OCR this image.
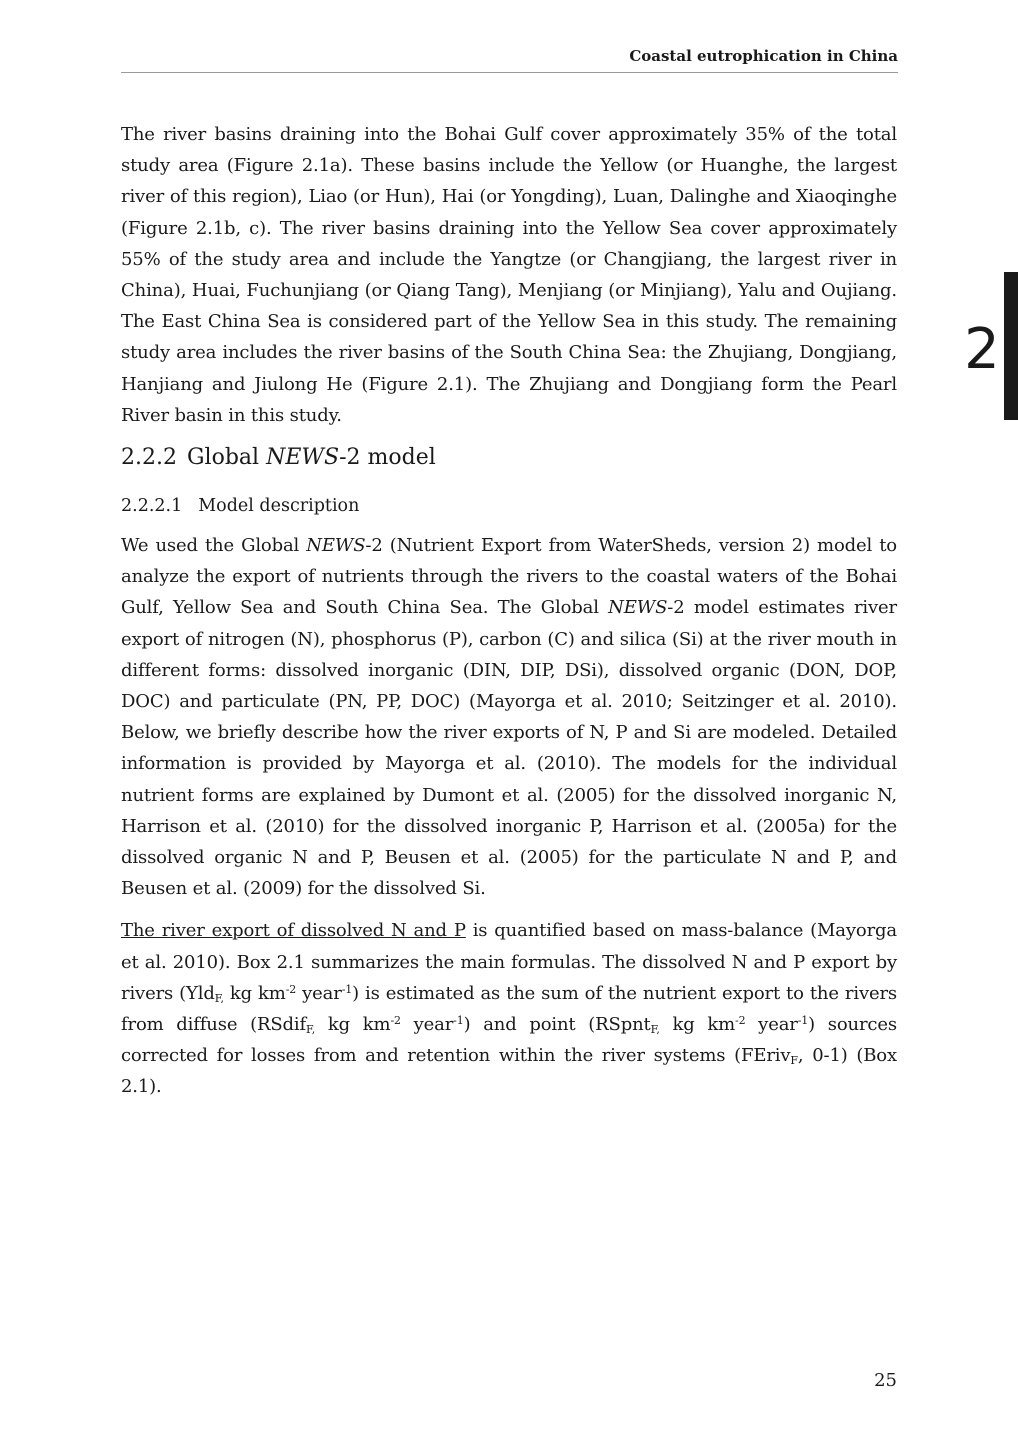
Coastal eutrophication in China
2

The river basins draining into the Bohai Gulf cover approximately 35% of the total study area (Figure 2.1a). These basins include the Yellow (or Huanghe, the largest river of this region), Liao (or Hun), Hai (or Yongding), Luan, Dalinghe and Xiaoqinghe (Figure 2.1b, c). The river basins draining into the Yellow Sea cover approximately 55% of the study area and include the Yangtze (or Changjiang, the largest river in China), Huai, Fuchunjiang (or Qiang Tang), Menjiang (or Minjiang), Yalu and Oujiang. The East China Sea is considered part of the Yellow Sea in this study. The remaining study area includes the river basins of the South China Sea: the Zhujiang, Dongjiang, Hanjiang and Jiulong He (Figure 2.1). The Zhujiang and Dongjiang form the Pearl River basin in this study.

2.2.2 Global NEWS-2 model
2.2.2.1 Model description

We used the Global NEWS-2 (Nutrient Export from WaterSheds, version 2) model to analyze the export of nutrients through the rivers to the coastal waters of the Bohai Gulf, Yellow Sea and South China Sea. The Global NEWS-2 model estimates river export of nitrogen (N), phosphorus (P), carbon (C) and silica (Si) at the river mouth in different forms: dissolved inorganic (DIN, DIP, DSi), dissolved organic (DON, DOP, DOC) and particulate (PN, PP, DOC) (Mayorga et al. 2010; Seitzinger et al. 2010). Below, we briefly describe how the river exports of N, P and Si are modeled. Detailed information is provided by Mayorga et al. (2010). The models for the individual nutrient forms are explained by Dumont et al. (2005) for the dissolved inorganic N, Harrison et al. (2010) for the dissolved inorganic P, Harrison et al. (2005a) for the dissolved organic N and P, Beusen et al. (2005) for the particulate N and P, and Beusen et al. (2009) for the dissolved Si.

The river export of dissolved N and P is quantified based on mass-balance (Mayorga et al. 2010). Box 2.1 summarizes the main formulas. The dissolved N and P export by rivers (Yld$_{F,}$ kg $km^{-2}$ year$^{-1}$) is estimated as the sum of the nutrient export to the rivers from diffuse (RSdif$_{F,}$ kg $km^{-2}$ year$^{-1}$) and point (RSpnt$_{F,}$ kg $km^{-2}$ year$^{-1}$) sources corrected for losses from and retention within the river systems (FEriv$_F$, 0-1) (Box 2.1).

25
